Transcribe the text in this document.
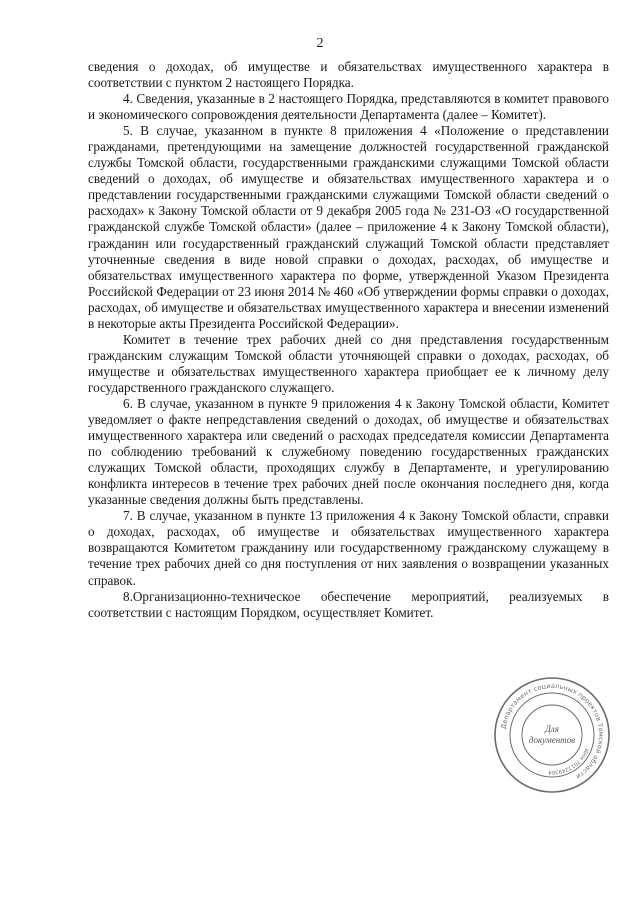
2

сведения о доходах, об имуществе и обязательствах имущественного характера в соответствии с пунктом 2 настоящего Порядка.

4. Сведения, указанные в 2 настоящего Порядка, представляются в комитет правового и экономического сопровождения деятельности Департамента (далее – Комитет).

5. В случае, указанном в пункте 8 приложения 4 «Положение о представлении гражданами, претендующими на замещение должностей государственной гражданской службы Томской области, государственными гражданскими служащими Томской области сведений о доходах, об имуществе и обязательствах имущественного характера и о представлении государственными гражданскими служащими Томской области сведений о расходах» к Закону Томской области от 9 декабря 2005 года № 231-ОЗ «О государственной гражданской службе Томской области» (далее – приложение 4 к Закону Томской области), гражданин или государственный гражданский служащий Томской области представляет уточненные сведения в виде новой справки о доходах, расходах, об имуществе и обязательствах имущественного характера по форме, утвержденной Указом Президента Российской Федерации от 23 июня 2014 № 460 «Об утверждении формы справки о доходах, расходах, об имуществе и обязательствах имущественного характера и внесении изменений в некоторые акты Президента Российской Федерации».

Комитет в течение трех рабочих дней со дня представления государственным гражданским служащим Томской области уточняющей справки о доходах, расходах, об имуществе и обязательствах имущественного характера приобщает ее к личному делу государственного гражданского служащего.

6. В случае, указанном в пункте 9 приложения 4 к Закону Томской области, Комитет уведомляет о факте непредставления сведений о доходах, об имуществе и обязательствах имущественного характера или сведений о расходах председателя комиссии Департамента по соблюдению требований к служебному поведению государственных гражданских служащих Томской области, проходящих службу в Департаменте, и урегулированию конфликта интересов в течение трех рабочих дней после окончания последнего дня, когда указанные сведения должны быть представлены.

7. В случае, указанном в пункте 13 приложения 4 к Закону Томской области, справки о доходах, расходах, об имуществе и обязательствах имущественного характера возвращаются Комитетом гражданину или государственному гражданскому служащему в течение трех рабочих дней со дня поступления от них заявления о возвращении указанных справок.

8.Организационно-техническое обеспечение мероприятий, реализуемых в соответствии с настоящим Порядком, осуществляет Комитет.

Департамент социальных проектов Томской области
ИНН 7017249364
Для
документов
